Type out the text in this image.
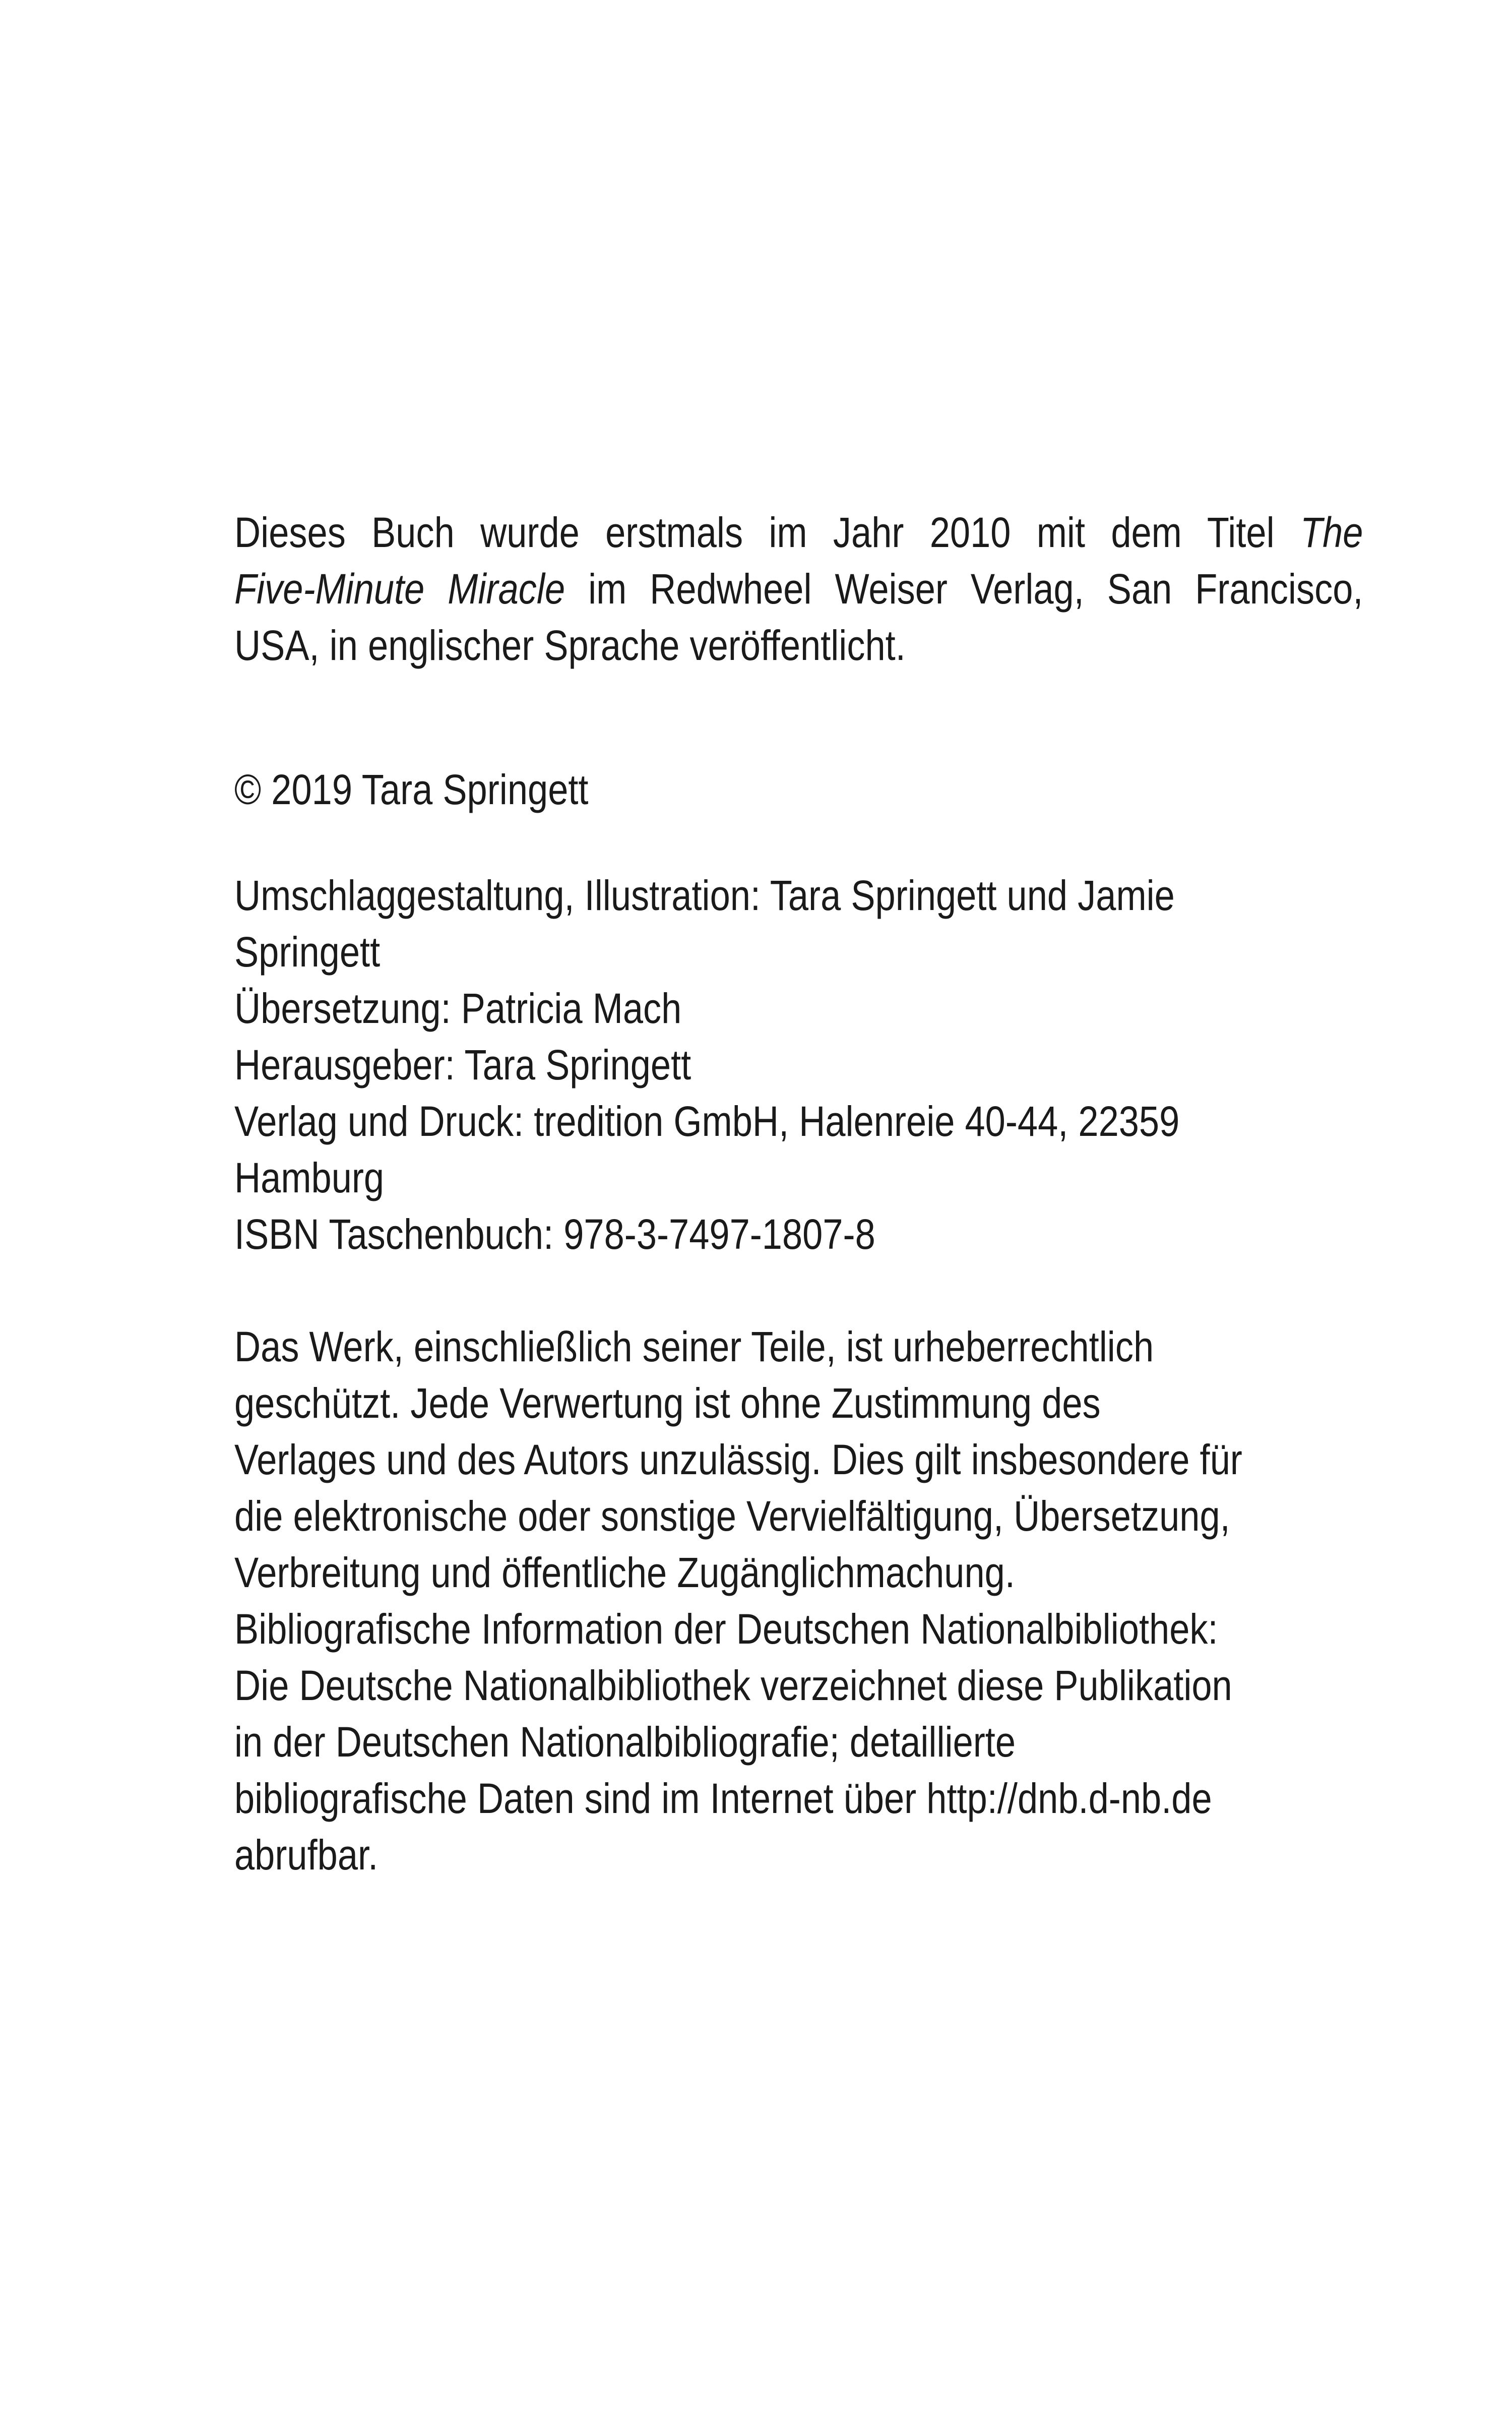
Dieses Buch wurde erstmals im Jahr 2010 mit dem Titel The
Five-Minute Miracle im Redwheel Weiser Verlag, San Francisco,
USA, in englischer Sprache veröffentlicht.
© 2019 Tara Springett
Umschlaggestaltung, Illustration: Tara Springett und Jamie
Springett
Übersetzung: Patricia Mach
Herausgeber: Tara Springett
Verlag und Druck: tredition GmbH, Halenreie 40-44, 22359
Hamburg
ISBN Taschenbuch: 978-3-7497-1807-8
Das Werk, einschließlich seiner Teile, ist urheberrechtlich
geschützt. Jede Verwertung ist ohne Zustimmung des
Verlages und des Autors unzulässig. Dies gilt insbesondere für
die elektronische oder sonstige Vervielfältigung, Übersetzung,
Verbreitung und öffentliche Zugänglichmachung.
Bibliografische Information der Deutschen Nationalbibliothek:
Die Deutsche Nationalbibliothek verzeichnet diese Publikation
in der Deutschen Nationalbibliografie; detaillierte
bibliografische Daten sind im Internet über http://dnb.d-nb.de
abrufbar.
